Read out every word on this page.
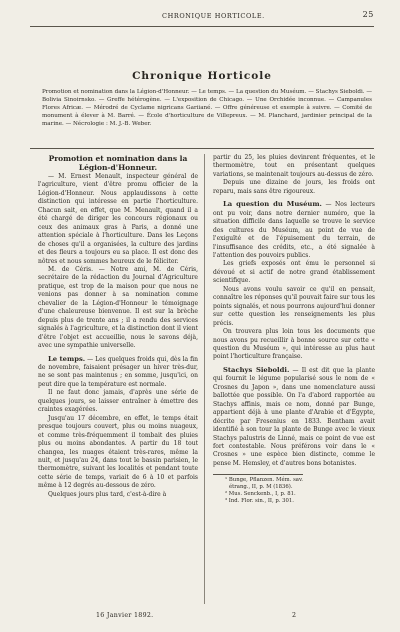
CHRONIQUE HORTICOLE.	25
Chronique Horticole
Promotion et nomination dans la Légion-d'Honneur. — Le temps. — La question du Muséum. — Stachys Sieboldi. — Bolivia Sinoirnsko. — Greffe hétérogène. — L'exposition de Chicago. — Une Orchidée inconnue. — Campanules Flores Africæ. — Mérodré de Cyclame nigricans Gariiané. — Offre généreuse et exemple à suivre. — Comité de monument à élever à M. Barré. — École d'horticulture de Villepreux. — M. Planchard, jardinier principal de la marine. — Nécrologie : M. J.-B. Weber.
Promotion et nomination dans la Légion-d'Honneur.

— M. Ernest Menault, inspecteur général de l'agriculture, vient d'être promu officier de la Légion-d'Honneur. Nous applaudissons à cette distinction qui intéresse en partie l'horticulture. Chacun sait, en effet, que M. Menault, quand il a été chargé de diriger les concours régionaux ou ceux des animaux gras à Paris, a donné une attention spéciale à l'horticulture. Dans les Leçons de choses qu'il a organisées, la culture des jardins et des fleurs a toujours eu sa place. Il est donc des nôtres et nous sommes heureux de le féliciter.

M. de Céris. — Notre ami, M. de Céris, secrétaire de la rédaction du Journal d'Agriculture pratique, est trop de la maison pour que nous ne venions pas donner à sa nomination comme chevalier de la Légion-d'Honneur le témoignage d'une chaleureuse bienvenue. Il est sur la brèche depuis plus de trente ans ; il a rendu des services signalés à l'agriculture, et la distinction dont il vient d'être l'objet est accueillie, nous le savons déjà, avec une sympathie universelle.

Le temps. — Les quelques froids qui, dès la fin de novembre, faisaient présager un hiver très-dur, ne se sont pas maintenus ; en somme, jusqu'ici, on peut dire que la température est normale.

Il ne faut donc jamais, d'après une série de quelques jours, se laisser entraîner à émettre des craintes exagérées.

Jusqu'au 17 décembre, en effet, le temps était presque toujours couvert, plus ou moins nuageux, et comme très-fréquemment il tombait des pluies plus ou moins abondantes. A partir du 18 tout changea, les nuages étaient très-rares, même la nuit, et jusqu'au 24, dans tout le bassin parisien, le thermomètre, suivant les localités et pendant toute cette série de temps, variait de 6 à 10 et parfois même à 12 degrés au-dessous de zéro.

Quelques jours plus tard, c'est-à-dire à

partir du 25, les pluies devinrent fréquentes, et le thermomètre, tout en présentant quelques variations, se maintenait toujours au-dessus de zéro.

Depuis une dizaine de jours, les froids ont reparu, mais sans être rigoureux.

La question du Muséum. — Nos lecteurs ont pu voir, dans notre dernier numéro, que la situation difficile dans laquelle se trouve le service des cultures du Muséum, au point de vue de l'exiguïté et de l'épuisement du terrain, de l'insuffisance des crédits, etc., a été signalée à l'attention des pouvoirs publics.

Les griefs exposés ont ému le personnel si dévoué et si actif de notre grand établissement scientifique.

Nous avons voulu savoir ce qu'il en pensait, connaître les réponses qu'il pouvait faire sur tous les points signalés, et nous pourrons aujourd'hui donner sur cette question les renseignements les plus précis.

On trouvera plus loin tous les documents que nous avons pu recueillir à bonne source sur cette « question du Muséum », qui intéresse au plus haut point l'horticulture française.

Stachys Sieboldi. — Il est dit que la plante qui fournit le légume popularisé sous le nom de « Crosnes du Japon », dans une nomenclature aussi ballottée que possible. On l'a d'abord rapportée au Stachys affinis, mais ce nom, donné par Bunge, appartient déjà à une plante d'Arabie et d'Égypte, décrite par Fresenius en 1833. Bentham avait identifié à son tour la plante de Bunge avec le vieux Stachys palustris de Linné, mais ce point de vue est fort contestable. Nous préférons voir dans le « Crosnes » une espèce bien distincte, comme le pense M. Hemsley, et d'autres bons botanistes.

¹ Bunge, Pflanzen. Mém. sav. étrang., II, p. M (1836).
² Mus. Senckenb., I, p. 81.
³ Ind. Flor. sin., II, p. 301.
16 Janvier 1892.	2
